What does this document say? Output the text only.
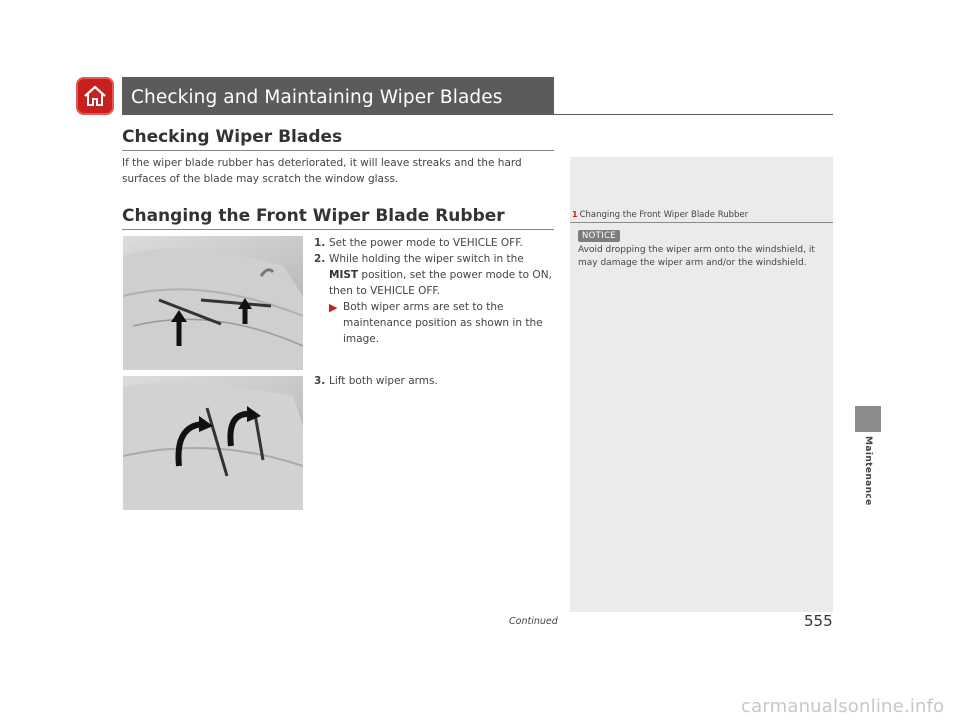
Checking and Maintaining Wiper Blades
Checking Wiper Blades
If the wiper blade rubber has deteriorated, it will leave streaks and the hard surfaces of the blade may scratch the window glass.
Changing the Front Wiper Blade Rubber
1. Set the power mode to VEHICLE OFF.
2. While holding the wiper switch in the MIST position, set the power mode to ON, then to VEHICLE OFF.
▶ Both wiper arms are set to the maintenance position as shown in the image.
3. Lift both wiper arms.
1 Changing the Front Wiper Blade Rubber
NOTICE
Avoid dropping the wiper arm onto the windshield, it may damage the wiper arm and/or the windshield.
Maintenance
Continued	555
carmanualsonline.info
